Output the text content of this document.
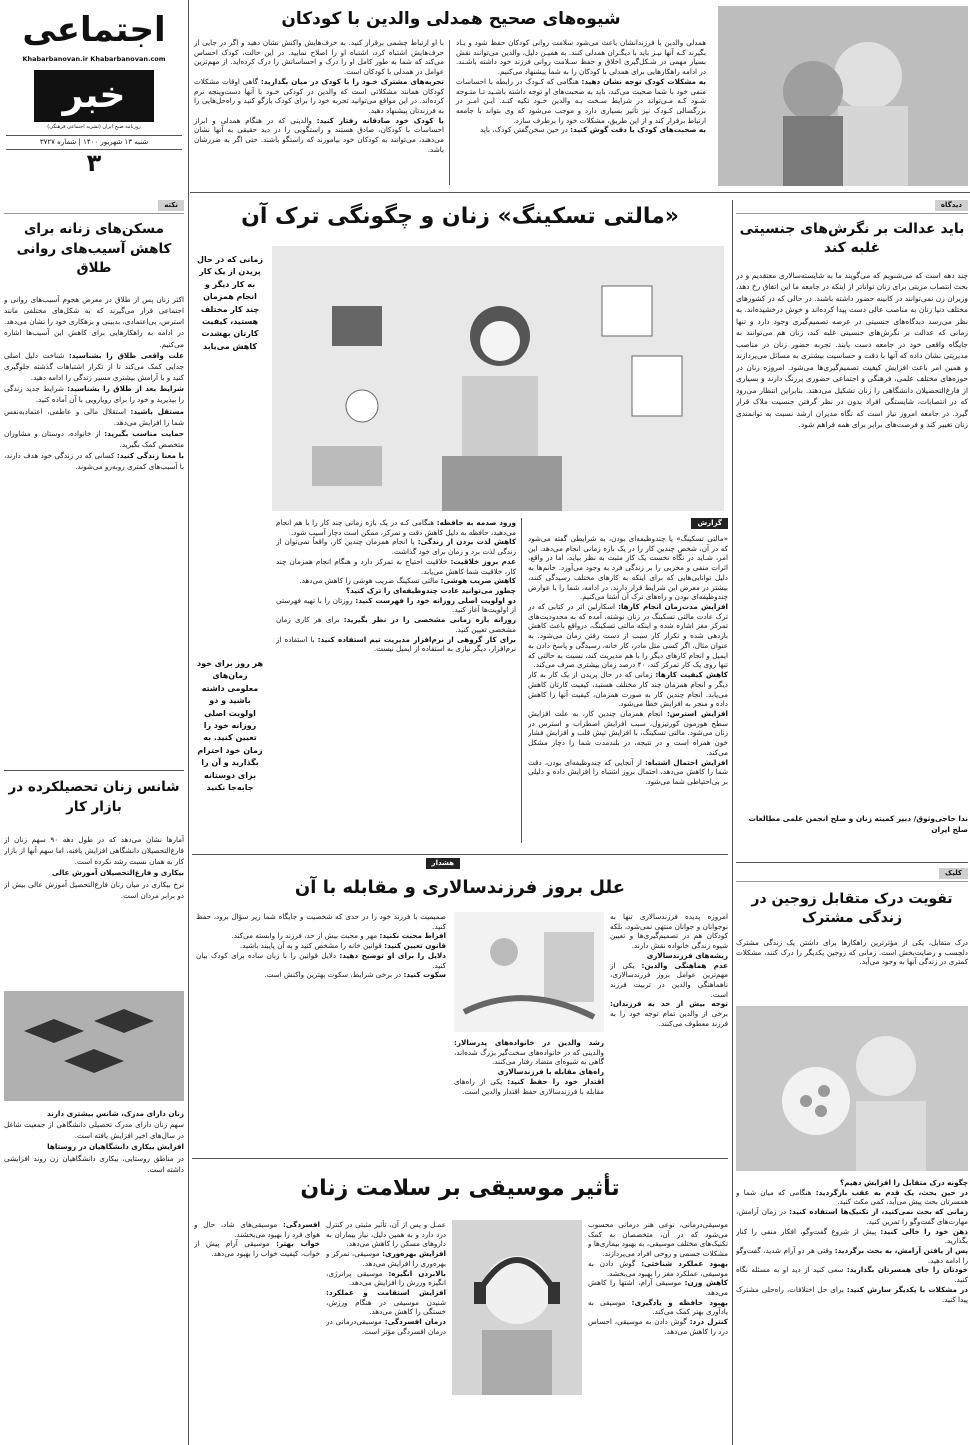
اجتماعی
Khabarbanovan.ir Khabarbanovan.com
خبر
روزنامه صبح ایران (نشریه اجتماعی فرهنگی)
شنبه ۱۳ شهریور ۱۴۰۰ | شماره ۳۷۲۷
۳
شیوه‌های صحیح همدلی والدین با کودکان
همدلی والدین با فرزندانشان باعث می‌شود سلامت روانی کودکان حفظ شود و یـاد بگیرند کـه آنها نیـز باید با دیگـران همدلی کنند. به همیـن دلیل، والدین می‌توانند نقش بسیار مهمی در شـکل‌گیری اخلاق و حفظ سـلامت روانی فرزند خود داشته باشـند. در ادامه راهکارهایی برای همدلی با کودکان را به شما پیشنهاد می‌کنیم.
به مشکلات کودک توجه نشان دهید: هنگامی که کـودک در رابطه با احساسات منفی خود با شما صحبت می‌کند، باید به صحبت‌های او توجه داشته باشـید تـا متـوجه شـود کـه مـی‌تواند در شرایط سـخت بـه والدین خـود تکیه کنـد. ایـن امـر در بزرگسالی کـودک نیز تأثیر بسیاری دارد و موجب می‌شود که وی بتواند با جامعه ارتباط برقرار کند و از این طریق، مشکلات خود را برطرف سازد.
به صحبت‌های کودک با دقت گوش کنید: در حین سخن‌گفتن کودک، باید
با او ارتباط چشمی برقرار کنید. به حرف‌هایش واکنش نشان دهید و اگر در جایی از حرف‌هایش اشتباه کرد، اشتباه او را اصلاح نمایید. در این حالت، کودک احساس می‌کند که شما به طور کامل او را درک و احساساتش را درک کرده‌اید. از مهم‌ترین عوامل در همدلی با کودکان است.
تجربه‌های مشترک خـود را با کودک در میان بگذارید: گاهی اوقات مشکلات کودکان همانند مشکلاتی است که والدین در کودکی خـود با آنها دست‌وپنجه نرم کرده‌اند. در این مواقع می‌توانید تجربه خود را برای کودک بازگو کنید و راه‌حل‌هایی را به فرزندتان پیشنهاد دهید.
با کودک خود صادقانه رفتار کنید: والدینی که در هنگام همدلی و ابراز احساسات با کودکان، صادق هستند و راستگویی را در دید حقیقی به آنها نشان می‌دهند، می‌توانند به کودکان خود بیاموزند که راستگو باشند. حتی اگر به ضررشان باشد.
دیدگاه
باید عدالت بر نگرش‌های جنسیتی غلبه کند
چند دهه است که می‌شنویم که می‌گویند ما به شایسته‌سالاری معتقدیم و در بحث انتصاب مزیتی برای زنان تواناتر از اینکه در جامعه ما این اتفاق رخ دهد، وزیران زن نمی‌توانند در کابینه حضور داشته باشند. در حالی که در کشورهای مختلف دنیا زنان به مناصب عالی دست پیدا کرده‌اند و خوش درخشیده‌اند. به نظر می‌رسد دیدگاه‌های جنسیتی در عرصه تصمیم‌گیری وجود دارد و تنها زمانی که عدالت بر نگرش‌های جنسیتی غلبه کند، زنان هم می‌توانند به جایگاه واقعی خود در جامعه دست یابند. تجربه حضور زنان در مناصب مدیریتی نشان داده که آنها با دقت و حساسیت بیشتری به مسائل می‌پردازند و همین امر باعث افزایش کیفیت تصمیم‌گیری‌ها می‌شود. امروزه زنان در حوزه‌های مختلف علمی، فرهنگی و اجتماعی حضوری پررنگ دارند و بسیاری از فارغ‌التحصیلان دانشگاهی را زنان تشکیل می‌دهند. بنابراین انتظار می‌رود که در انتصابات، شایستگی افراد بدون در نظر گرفتن جنسیت ملاک قرار گیرد. در جامعه امروز نیاز است که نگاه مدیران ارشد نسبت به توانمندی زنان تغییر کند و فرصت‌های برابر برای همه فراهم شود.
ندا حاجی‌وثوق/ دبیر کمیته زنان و صلح انجمن علمی مطالعات صلح ایران
کلیک
تقویت درک متقابل زوجین در زندگی مشترک
درک متقابل، یکی از مؤثرترین راهکارها برای داشتن یک زندگی مشترک دلچسب و رضایت‌بخش است. زمانی که زوجین یکدیگر را درک کنند، مشکلات کمتری در زندگی آنها به وجود می‌آید.
چگونه درک متقابل را افزایش دهیم؟
در حین بحث، یک قدم به عقب بازگردید: هنگامی که میان شما و همسرتان بحث پیش می‌آید، کمی مکث کنید.
زمانی که بحث نمی‌کنید، از تکنیک‌ها استفاده کنید: در زمان آرامش، مهارت‌های گفت‌وگو را تمرین کنید.
ذهن خود را خالی کنید: پیش از شروع گفت‌وگو، افکار منفی را کنار بگذارید.
پس از یافتن آرامش، به بحث برگردید: وقتی هر دو آرام شدید، گفت‌وگو را ادامه دهید.
خودتان را جای همسرتان بگذارید: سعی کنید از دید او به مسئله نگاه کنید.
در مشکلات با یکدیگر سازش کنید: برای حل اختلافات، راه‌حلی مشترک پیدا کنید.
نکته
مسکن‌های زنانه برای کاهش آسیب‌های روانی طلاق
اکثر زنان پس از طلاق در معرض هجوم آسیب‌های روانی و اجتماعی قرار می‌گیرند که به شکل‌های مختلفی مانند استرس، بی‌اعتمادی، بدبینی و بزهکاری خود را نشان می‌دهد. در ادامه به راهکارهایی برای کاهش این آسیب‌ها اشاره می‌کنیم.
علت واقعی طلاق را بشناسید: شناخت دلیل اصلی جدایی کمک می‌کند تا از تکرار اشتباهات گذشته جلوگیری کنید و با آرامش بیشتری مسیر زندگی را ادامه دهید.
شرایط بعد از طلاق را بشناسید: شرایط جدید زندگی را بپذیرید و خود را برای رویارویی با آن آماده کنید.
مستقل باشید: استقلال مالی و عاطفی، اعتمادبه‌نفس شما را افزایش می‌دهد.
حمایت مناسب بگیرید: از خانواده، دوستان و مشاوران متخصص کمک بگیرید.
با معنا زندگی کنید: کسانی که در زندگی خود هدف دارند، با آسیب‌های کمتری روبه‌رو می‌شوند.
شانس زنان تحصیلکرده در بازار کار
آمارها نشان می‌دهد که در طول دهه ۹۰ سهم زنان از فارغ‌التحصیلان دانشگاهی افزایش یافته، اما سهم آنها از بازار کار به همان نسبت رشد نکرده است.
بیکاری و فارغ‌التحصیلان آموزش عالی
نرخ بیکاری در میان زنان فارغ‌التحصیل آموزش عالی بیش از دو برابر مردان است.
زنان دارای مدرک، شانس بیشتری دارند
سهم زنان دارای مدرک تحصیلی دانشگاهی از جمعیت شاغل در سال‌های اخیر افزایش یافته است.
افزایش بیکاری دانشگاهیان در روستاها
در مناطق روستایی، بیکاری دانشگاهیان زن روند افزایشی داشته است.
«مالتی تسکینگ» زنان و چگونگی ترک آن
زمانی که در حال پریدن از یک کار به کار دیگر و انجام همزمان چند کار مختلف هستید، کیفیت کارتان بهشدت کاهش می‌یابد
گزارش
«مالتی تسکینگ» یا چندوظیفه‌ای بودن، به شرایطی گفته می‌شود که در آن، شخص چندین کار را در یک بازه زمانی انجام می‌دهد. این امر، شـاید در نگاه نخست یک کار مثبت به نظر بیاید، اما در واقع، اثرات منفی و مخربی را بر زندگی فرد به وجود می‌آورد. خانم‌ها به دلیل توانایی‌هایی که برای اینکه به کارهای مختلف رسیدگی کنند، بیشتر در معرض این شرایط قرار دارند. در ادامه، شما را با عوارض چندوظیفه‌ای بودن و راه‌های ترک آن آشنا می‌کنیم.
افزایش مدت‌زمان انجام کارها: اسکارلین اتر در کتابی که در ترک عادت مالتی تسکینگ در زنان نوشته‌، آمده که به محدودیت‌های تمرکز مغز اشاره شده و اینکه مالتی تسکینگ، درواقع باعث کاهش بازدهی شده و تکرار کار سبب از دست رفتن زمان می‌شود. به عنوان مثال، اگر کسی مثل مادر، کار خانه، رسیدگی و پاسخ دادن به ایمیل و انجام کارهای دیگر را با هم مدیریت کند، نسبت به حالتی که تنها روی یک کار تمرکز کند، ۴۰ درصد زمان بیشتری صرف می‌کند.
کاهش کیفیت کارها: زمانی که در حال پریدن از یک کار به کار دیگر و انجام همزمان چند کار مختلف هستید، کیفیت کارتان کاهش می‌یابد. انجام چندین کار به صورت همزمان، کیفیت آنها را کاهش داده و منجر به افزایش خطا می‌شود.
افزایش استرس: انجام همزمان چندین کار، به علت افزایش سطح هورمون کورتیزول، سبب افزایش اضطراب و استرس در زنان می‌شود. مالتی تسکینگ، با افزایش تپش قلب و افزایش فشار خون همراه است و در نتیجه، در بلندمدت شما را دچار مشکل می‌کند.
افزایش احتمال اشتباه: از آنجایی که چندوظیفه‌ای بودن، دقت شما را کاهش می‌دهد، احتمال بروز اشتباه را افزایش داده و دلیلی بر بی‌احتیاطی شما می‌شود.
ورود صدمه به حافظه: هنگامی کـه در یک بازه زمانی چند کار را با هم انجام می‌دهید، حافظه به دلیل کاهش دقت و تمرکز، ممکن است دچار آسیب شود.
کاهش لذت بردن از زندگی: با انجام همزمان چندین کار، واقعاً نمی‌توان از زندگی لذت برد و زمان برای خود گذاشت.
عدم بروز خلاقیت: خلاقیت احتیاج به تمرکز دارد و هنگام انجام همزمان چند کار، خلاقیت شما کاهش می‌یابد.
کاهش ضریب هوشی: مالتی تسکینگ ضریب هوشی را کاهش می‌دهد.
چطور می‌توانید عادت چندوظیفه‌ای را ترک کنید؟
دو اولویت اصلی روزانه خود را فهرست کنید: روزتان را با تهیه فهرستی از اولویت‌ها آغاز کنید.
روزانه بازه زمانی مشخصی را در نظر بگیرید: برای هر کاری زمان مشخصی تعیین کنید.
برای کار گروهی از نرم‌افزار مدیریت تیم استفاده کنید: با استفاده از نرم‌افزار، دیگر نیازی به استفاده از ایمیل نیست.
هر روز برای خود زمان‌های معلومی داشته باشید و دو اولویت اصلی روزانه خود را تعیین کنید. به زمان خود احترام بگذارید و آن را برای دوستانه جابه‌جا نکنید
هشدار
علل بروز فرزندسالاری و مقابله با آن
امروزه پدیده فرزندسالاری تنها به نوجوانان و جوانان منتهی نمی‌شود، بلکه کودکان هم در تصمیم‌گیری‌ها و تعیین شیوه زندگی خانواده نقش دارند.
ریشه‌های فرزندسالاری
عدم هماهنگی والدین: یکی از مهم‌ترین عوامل بروز فرزندسالاری، ناهماهنگی والدین در تربیت فرزند است.
توجه بیش از حد به فرزندان: برخی از والدین تمام توجه خود را به فرزند معطوف می‌کنند.
رشد والدین در خانواده‌های پدرسالار: والدینی که در خانواده‌های سخت‌گیر بزرگ شده‌اند، گاهی به شیوه‌ای متضاد رفتار می‌کنند.
راه‌های مقابله با فرزندسالاری
اقتدار خود را حفظ کنید: یکی از راه‌های مقابله با فرزندسالاری حفظ اقتدار والدین است.
صمیمیت با فرزند خود را در حدی که شخصیت و جایگاه شما زیر سؤال برود، حفظ کنید.
افراط محبت نکنید: مهر و محبت بیش از حد، فرزند را وابسته می‌کند.
قانون تعیین کنید: قوانین خانه را مشخص کنید و به آن پایبند باشید.
دلایل را برای او توضیح دهید: دلایل قوانین را با زبان ساده برای کودک بیان کنید.
سکوت کنید: در برخی شرایط، سکوت بهترین واکنش است.
تأثیر موسیقی بر سلامت زنان
موسیقی‌درمانی، نوعی هنر درمانی محسوب می‌شود که در آن، متخصصان به کمک تکنیک‌های مختلف موسیقی، به بهبود بیماری‌ها و مشکلات جسمی و روحی افراد می‌پردازند.
بهبود عملکرد شناختی: گوش دادن به موسیقی، عملکرد مغز را بهبود می‌بخشد.
کاهش وزن: موسیقی آرام، اشتها را کاهش می‌دهد.
بهبود حافظه و یادگیری: موسیقی به یادآوری بهتر کمک می‌کند.
کنترل درد: گوش دادن به موسیقی، احساس درد را کاهش می‌دهد.
عمـل و پس از آن، تأثیر مثبتی در کنترل درد دارد و به همین دلیل، نیاز بیماران به داروهای مسکن را کاهش می‌دهد.
افزایش بهره‌وری: موسیقی، تمرکز و بهره‌وری را افزایش می‌دهد.
بالابردن انگیزه: موسیقی پرانرژی، انگیزه ورزش را افزایش می‌دهد.
افزایش استقامت و عملکرد: شنیدن موسیقی در هنگام ورزش، خستگی را کاهش می‌دهد.
درمان افسردگی: موسیقی‌درمانی در درمان افسردگی مؤثر است.
افسردگی: موسیقی‌های شاد، حال و هوای فرد را بهبود می‌بخشند.
خواب بهتر: موسیقی آرام پیش از خواب، کیفیت خواب را بهبود می‌دهد.
